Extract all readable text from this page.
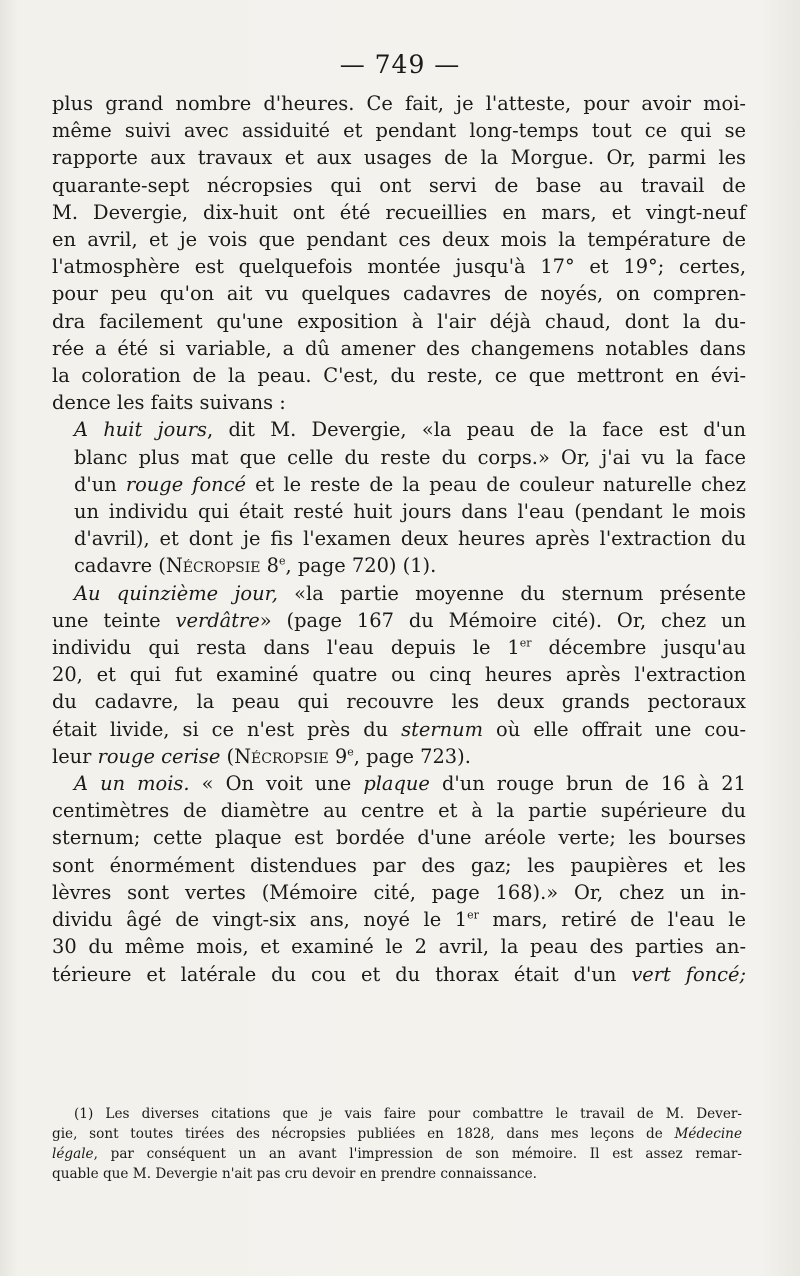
— 749 —

plus grand nombre d'heures. Ce fait, je l'atteste, pour avoir moi-
même suivi avec assiduité et pendant long-temps tout ce qui se
rapporte aux travaux et aux usages de la Morgue. Or, parmi les
quarante-sept nécropsies qui ont servi de base au travail de
M. Devergie, dix-huit ont été recueillies en mars, et vingt-neuf
en avril, et je vois que pendant ces deux mois la température de
l'atmosphère est quelquefois montée jusqu'à 17° et 19°; certes,
pour peu qu'on ait vu quelques cadavres de noyés, on compren-
dra facilement qu'une exposition à l'air déjà chaud, dont la du-
rée a été si variable, a dû amener des changemens notables dans
la coloration de la peau. C'est, du reste, ce que mettront en évi-
dence les faits suivans :

A huit jours, dit M. Devergie, «la peau de la face est d'un
blanc plus mat que celle du reste du corps.» Or, j'ai vu la face
d'un rouge foncé et le reste de la peau de couleur naturelle chez
un individu qui était resté huit jours dans l'eau (pendant le mois
d'avril), et dont je fis l'examen deux heures après l'extraction du
cadavre (Nécropsie 8e, page 720) (1).

Au quinzième jour, «la partie moyenne du sternum présente
une teinte verdâtre» (page 167 du Mémoire cité). Or, chez un
individu qui resta dans l'eau depuis le 1er décembre jusqu'au
20, et qui fut examiné quatre ou cinq heures après l'extraction
du cadavre, la peau qui recouvre les deux grands pectoraux
était livide, si ce n'est près du sternum où elle offrait une cou-
leur rouge cerise (Nécropsie 9e, page 723).

A un mois. « On voit une plaque d'un rouge brun de 16 à 21
centimètres de diamètre au centre et à la partie supérieure du
sternum; cette plaque est bordée d'une aréole verte; les bourses
sont énormément distendues par des gaz; les paupières et les
lèvres sont vertes (Mémoire cité, page 168).» Or, chez un in-
dividu âgé de vingt-six ans, noyé le 1er mars, retiré de l'eau le
30 du même mois, et examiné le 2 avril, la peau des parties an-
térieure et latérale du cou et du thorax était d'un vert foncé;

(1) Les diverses citations que je vais faire pour combattre le travail de M. Dever-
gie, sont toutes tirées des nécropsies publiées en 1828, dans mes leçons de Médecine
légale, par conséquent un an avant l'impression de son mémoire. Il est assez remar-
quable que M. Devergie n'ait pas cru devoir en prendre connaissance.
